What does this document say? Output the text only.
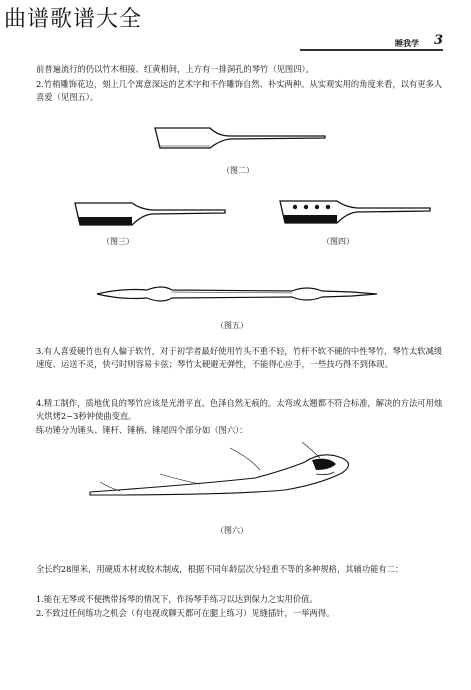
曲谱歌谱大全
睡我学 3

前普遍流行的仍以竹木相接、红黄相间，上方有一排洞孔的琴竹（见图四）。

2.竹梢雕饰花边，刻上几个寓意深远的艺术字和不作雕饰自然、朴实两种。从实观实用的角度来看，以有更多人喜爱（见图五）。

（图二）
（图三）	（图四）
（图五）

3.有人喜爱硬竹也有人偏于软竹，对于初学者最好使用竹头不重不轻，竹杆不软不硬的中性琴竹，琴竹太软减缓速度、运送不灵，快弓时则容易卡弦；琴竹太硬避无弹性，不能得心应手，一些技巧得不到体现。

4.精工制作，质地优良的琴竹应该是光滑平直、色泽自然无痕的。太弯或太翘都不符合标准，解决的方法可用烛火烘烤2~3秒钟使曲变直。

练功锤分为锤头、锤杆、锤柄、锤尾四个部分如（图六）：

（图六）

全长约28厘米，用硬质木材或胶木制成，根据不同年龄层次分轻重不等的多种规格，其辅功能有二：

1.能在无琴或不便携带扬琴的情况下，作扬琴手练习以达到保力之实用价值。

2.不致过任何练功之机会（有电视或聊天都可在腿上练习）见缝插针，一举两得。
